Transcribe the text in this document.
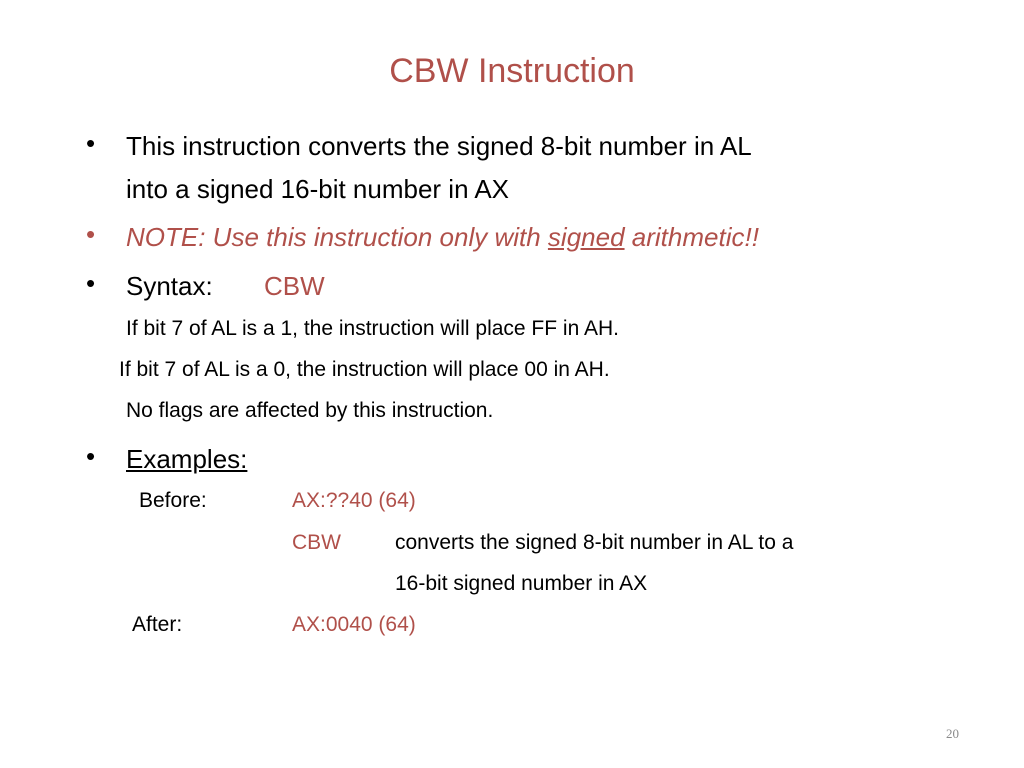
CBW Instruction
• This instruction converts the signed 8-bit number in AL
into a signed 16-bit number in AX
• NOTE: Use this instruction only with signed arithmetic!!
• Syntax: CBW
If bit 7 of AL is a 1, the instruction will place FF in AH.
If bit 7 of AL is a 0, the instruction will place 00 in AH.
No flags are affected by this instruction.
• Examples:
Before:	AX:??40 (64)
CBW	converts the signed 8-bit number in AL to a
16-bit signed number in AX
After:	AX:0040 (64)
20
